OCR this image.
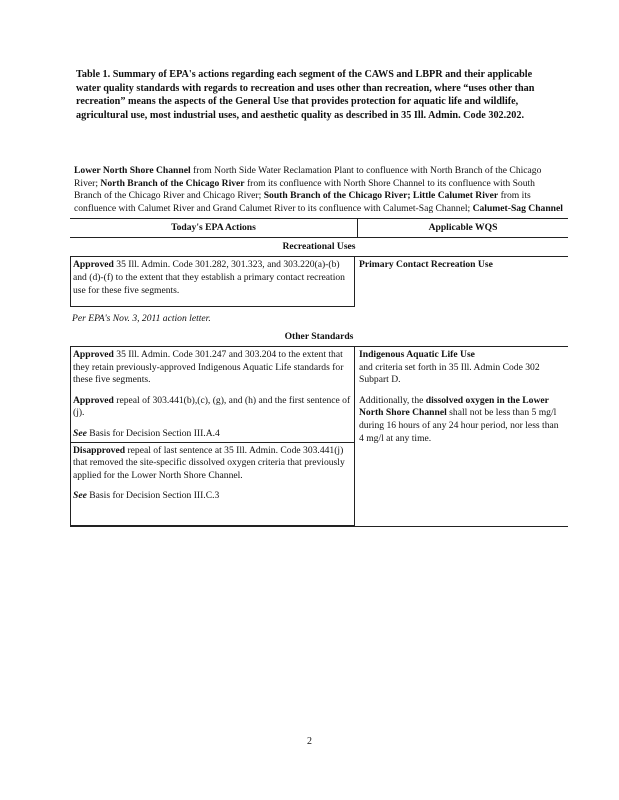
Table 1. Summary of EPA's actions regarding each segment of the CAWS and LBPR and their applicable water quality standards with regards to recreation and uses other than recreation, where “uses other than recreation” means the aspects of the General Use that provides protection for aquatic life and wildlife, agricultural use, most industrial uses, and aesthetic quality as described in 35 Ill. Admin. Code 302.202.
Lower North Shore Channel from North Side Water Reclamation Plant to confluence with North Branch of the Chicago River; North Branch of the Chicago River from its confluence with North Shore Channel to its confluence with South Branch of the Chicago River and Chicago River; South Branch of the Chicago River; Little Calumet River from its confluence with Calumet River and Grand Calumet River to its confluence with Calumet-Sag Channel; Calumet-Sag Channel
Today's EPA Actions	Applicable WQS
Recreational Uses

Approved 35 Ill. Admin. Code 301.282, 301.323, and 303.220(a)-(b) and (d)-(f) to the extent that they establish a primary contact recreation use for these five segments.

Primary Contact Recreation Use
Per EPA's Nov. 3, 2011 action letter.
Other Standards

Approved 35 Ill. Admin. Code 301.247 and 303.204 to the extent that they retain previously-approved Indigenous Aquatic Life standards for these five segments.

Approved repeal of 303.441(b),(c), (g), and (h) and the first sentence of (j).

See Basis for Decision Section III.A.4

Disapproved repeal of last sentence at 35 Ill. Admin. Code 303.441(j) that removed the site-specific dissolved oxygen criteria that previously applied for the Lower North Shore Channel.

See Basis for Decision Section III.C.3

Indigenous Aquatic Life Use
and criteria set forth in 35 Ill. Admin Code 302 Subpart D.

Additionally, the dissolved oxygen in the Lower North Shore Channel shall not be less than 5 mg/l during 16 hours of any 24 hour period, nor less than 4 mg/l at any time.

2
